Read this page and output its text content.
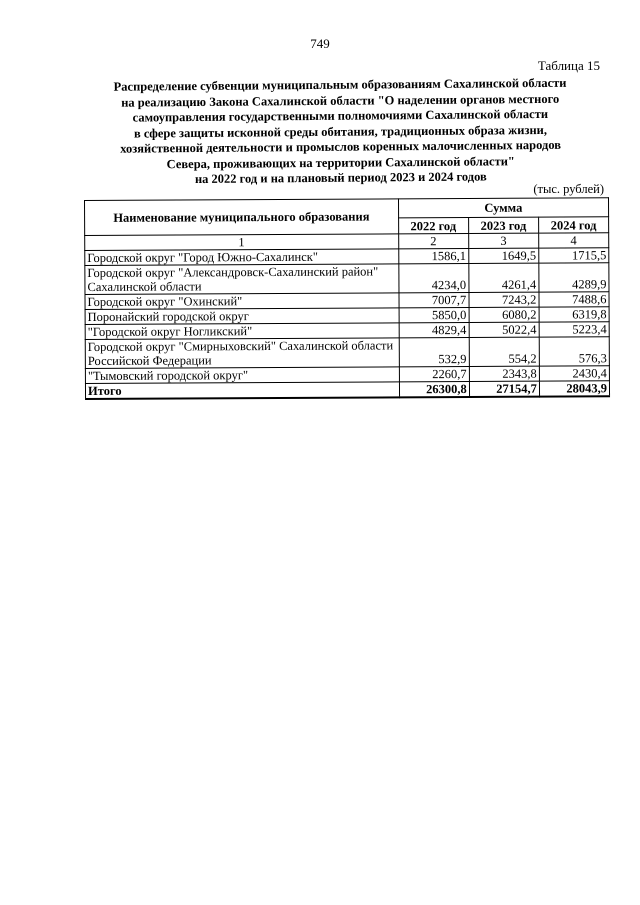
749
Таблица 15
Распределение субвенции муниципальным образованиям Сахалинской области
на реализацию Закона Сахалинской области "О наделении органов местного
самоуправления государственными полномочиями Сахалинской области
в сфере защиты исконной среды обитания, традиционных образа жизни,
хозяйственной деятельности и промыслов коренных малочисленных народов
Севера, проживающих на территории Сахалинской области"
на 2022 год и на плановый период 2023 и 2024 годов
(тыс. рублей)
Наименование муниципального образования	Сумма		
	2022 год	2023 год	2024 год
1	2	3	4
Городской округ "Город Южно-Сахалинск"	1586,1	1649,5	1715,5
Городской округ "Александровск-Сахалинский район" Сахалинской области	4234,0	4261,4	4289,9
Городской округ "Охинский"	7007,7	7243,2	7488,6
Поронайский городской округ	5850,0	6080,2	6319,8
"Городской округ Ногликский"	4829,4	5022,4	5223,4
Городской округ "Смирныховский" Сахалинской области Российской Федерации	532,9	554,2	576,3
"Тымовский городской округ"	2260,7	2343,8	2430,4
Итого	26300,8	27154,7	28043,9
